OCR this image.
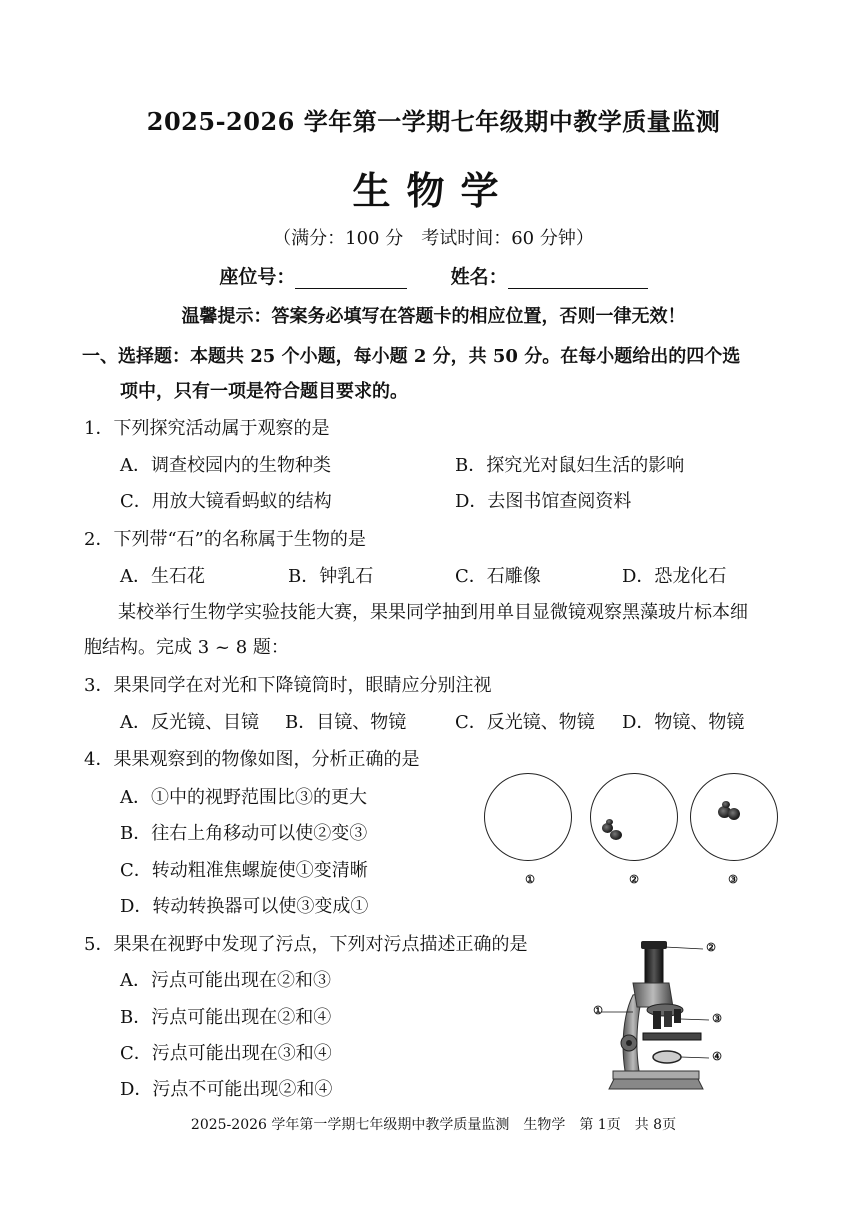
2025-2026 学年第一学期七年级期中教学质量监测
生物学
（满分：100 分　考试时间：60 分钟）
座位号：	姓名：
温馨提示：答案务必填写在答题卡的相应位置，否则一律无效！
一、选择题：本题共 25 个小题，每小题 2 分，共 50 分。在每小题给出的四个选
项中，只有一项是符合题目要求的。
1．下列探究活动属于观察的是
A．调查校园内的生物种类	B．探究光对鼠妇生活的影响
C．用放大镜看蚂蚁的结构	D．去图书馆查阅资料
2．下列带“石”的名称属于生物的是
A．生石花	B．钟乳石	C．石雕像	D．恐龙化石
某校举行生物学实验技能大赛，果果同学抽到用单目显微镜观察黑藻玻片标本细
胞结构。完成 3 ~ 8 题：
3．果果同学在对光和下降镜筒时，眼睛应分别注视
A．反光镜、目镜 B．目镜、物镜	C．反光镜、物镜 D．物镜、物镜
4．果果观察到的物像如图，分析正确的是
A．①中的视野范围比③的更大
B．往右上角移动可以使②变③
C．转动粗准焦螺旋使①变清晰
D．转动转换器可以使③变成①
①	②	③
5．果果在视野中发现了污点，下列对污点描述正确的是
A．污点可能出现在②和③
B．污点可能出现在②和④
C．污点可能出现在③和④
D．污点不可能出现②和④
②
①
③
④
2025-2026 学年第一学期七年级期中教学质量监测　生物学　第 1页　共 8页
